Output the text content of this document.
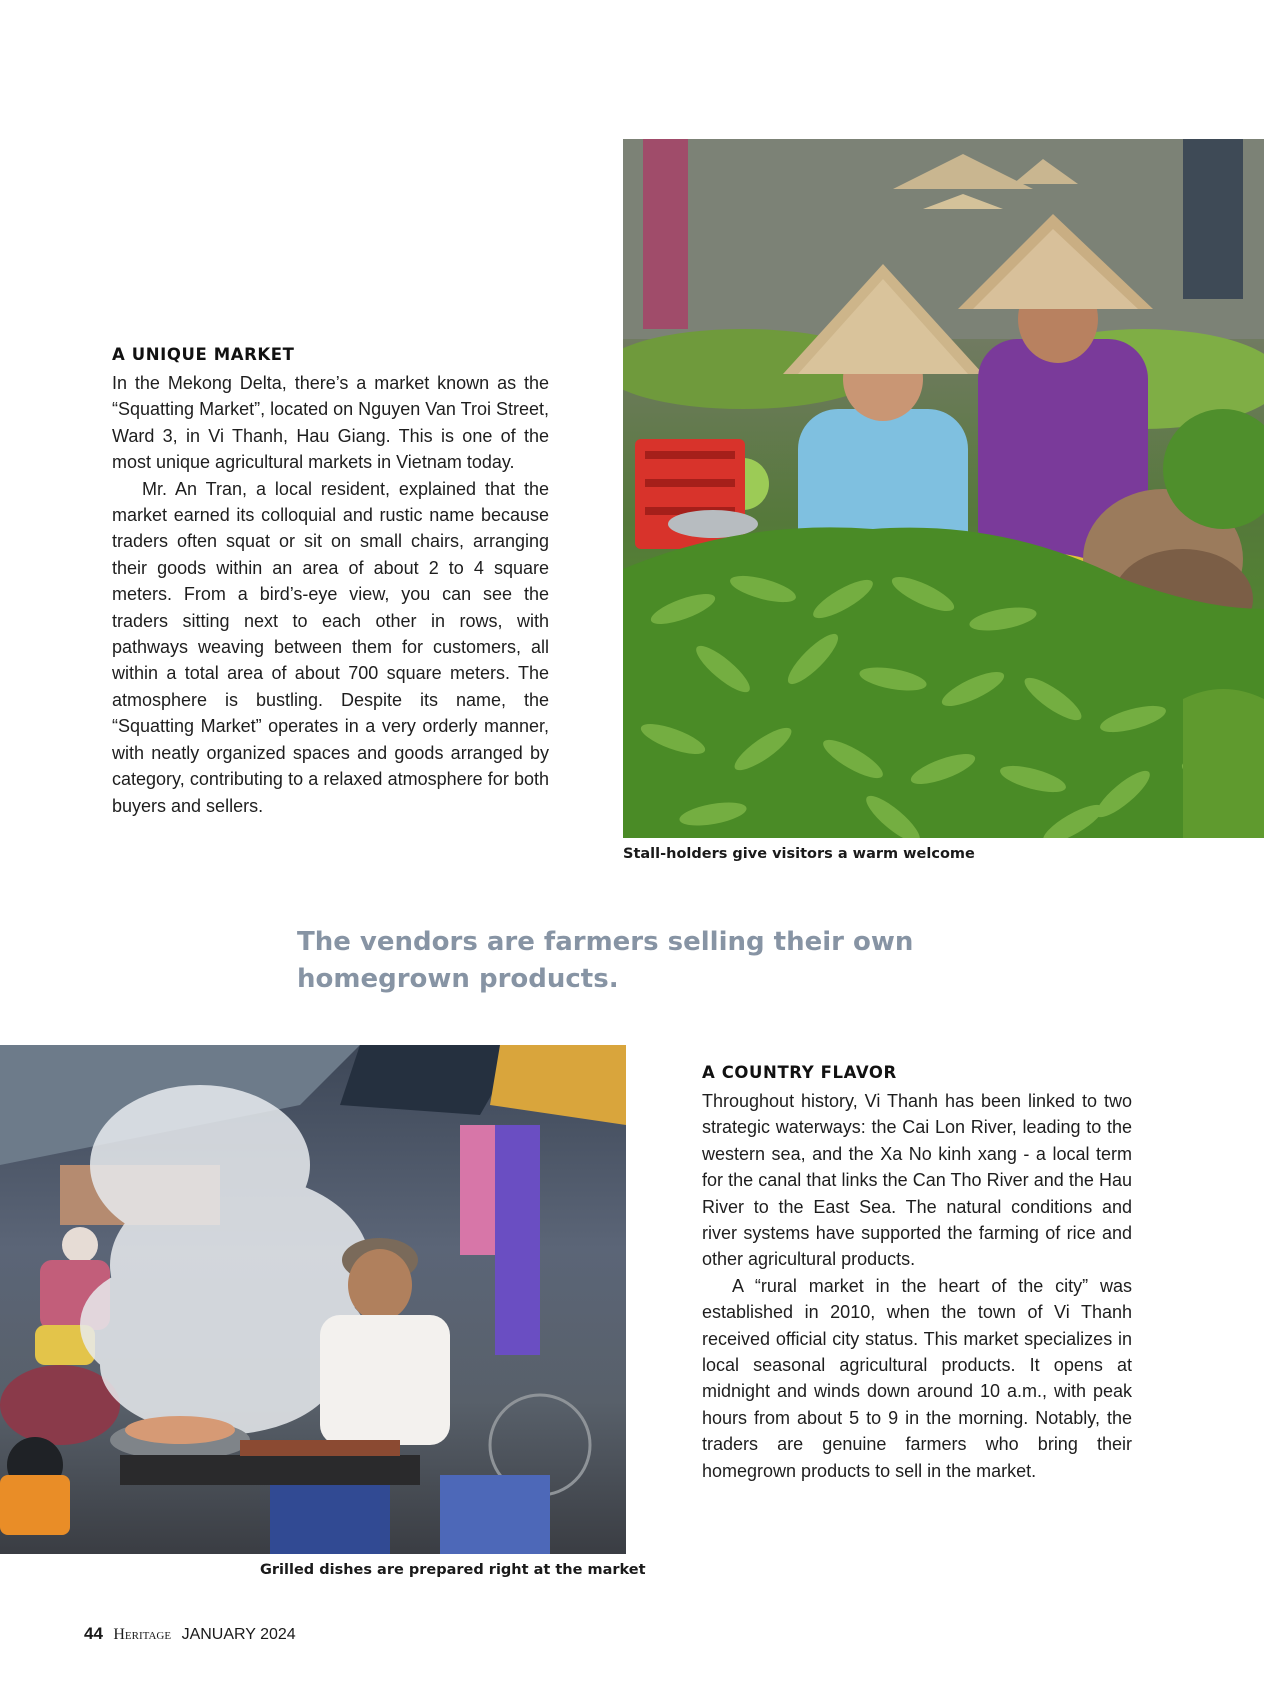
A UNIQUE MARKET

In the Mekong Delta, there’s a market known as the “Squatting Market”, located on Nguyen Van Troi Street, Ward 3, in Vi Thanh, Hau Giang. This is one of the most unique agricultural markets in Vietnam today.

Mr. An Tran, a local resident, explained that the market earned its colloquial and rustic name because traders often squat or sit on small chairs, arranging their goods within an area of about 2 to 4 square meters. From a bird’s-eye view, you can see the traders sitting next to each other in rows, with pathways weaving between them for customers, all within a total area of about 700 square meters. The atmosphere is bustling. Despite its name, the “Squatting Market” operates in a very orderly manner, with neatly organized spaces and goods arranged by category, contributing to a relaxed atmosphere for both buyers and sellers.

Stall-holders give visitors a warm welcome
The vendors are farmers selling their own homegrown products.
Grilled dishes are prepared right at the market
A COUNTRY FLAVOR

Throughout history, Vi Thanh has been linked to two strategic waterways: the Cai Lon River, leading to the western sea, and the Xa No kinh xang - a local term for the canal that links the Can Tho River and the Hau River to the East Sea. The natural conditions and river systems have supported the farming of rice and other agricultural products.

A “rural market in the heart of the city” was established in 2010, when the town of Vi Thanh received official city status. This market specializes in local seasonal agricultural products. It opens at midnight and winds down around 10 a.m., with peak hours from about 5 to 9 in the morning. Notably, the traders are genuine farmers who bring their homegrown products to sell in the market.

44 Heritage JANUARY 2024
